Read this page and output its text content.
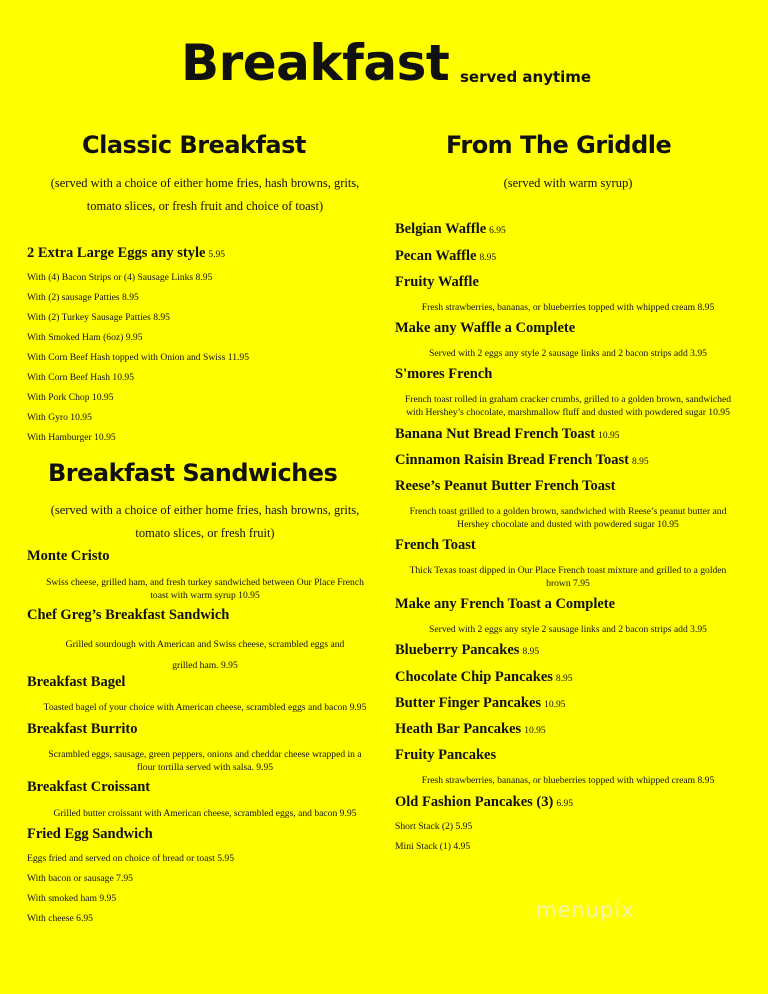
Breakfast served anytime
Classic Breakfast
(served with a choice of either home fries, hash browns, grits,
tomato slices, or fresh fruit and choice of toast)
2 Extra Large Eggs any style 5.95
With (4) Bacon Strips or (4) Sausage Links 8.95
With (2) sausage Patties 8.95
With (2) Turkey Sausage Patties 8.95
With Smoked Ham (6oz) 9.95
With Corn Beef Hash topped with Onion and Swiss 11.95
With Corn Beef Hash 10.95
With Pork Chop 10.95
With Gyro 10.95
With Hamburger 10.95
Breakfast Sandwiches
(served with a choice of either home fries, hash browns, grits,
tomato slices, or fresh fruit)
Monte Cristo
Swiss cheese, grilled ham, and fresh turkey sandwiched between Our Place French
toast with warm syrup 10.95
Chef Greg’s Breakfast Sandwich
Grilled sourdough with American and Swiss cheese, scrambled eggs and
grilled ham. 9.95
Breakfast Bagel
Toasted bagel of your choice with American cheese, scrambled eggs and bacon 9.95
Breakfast Burrito
Scrambled eggs, sausage, green peppers, onions and cheddar cheese wrapped in a
flour tortilla served with salsa. 9.95
Breakfast Croissant
Grilled butter croissant with American cheese, scrambled eggs, and bacon 9.95
Fried Egg Sandwich
Eggs fried and served on choice of bread or toast 5.95
With bacon or sausage 7.95
With smoked ham 9.95
With cheese 6.95
From The Griddle
(served with warm syrup)
Belgian Waffle 6.95
Pecan Waffle 8.95
Fruity Waffle
Fresh strawberries, bananas, or blueberries topped with whipped cream 8.95
Make any Waffle a Complete
Served with 2 eggs any style 2 sausage links and 2 bacon strips add 3.95
S'mores French
French toast rolled in graham cracker crumbs, grilled to a golden brown, sandwiched
with Hershey’s chocolate, marshmallow fluff and dusted with powdered sugar 10.95
Banana Nut Bread French Toast 10.95
Cinnamon Raisin Bread French Toast 8.95
Reese’s Peanut Butter French Toast
French toast grilled to a golden brown, sandwiched with Reese’s peanut butter and
Hershey chocolate and dusted with powdered sugar 10.95
French Toast
Thick Texas toast dipped in Our Place French toast mixture and grilled to a golden
brown 7.95
Make any French Toast a Complete
Served with 2 eggs any style 2 sausage links and 2 bacon strips add 3.95
Blueberry Pancakes 8.95
Chocolate Chip Pancakes 8.95
Butter Finger Pancakes 10.95
Heath Bar Pancakes 10.95
Fruity Pancakes
Fresh strawberries, bananas, or blueberries topped with whipped cream 8.95
Old Fashion Pancakes (3) 6.95
Short Stack (2) 5.95
Mini Stack (1) 4.95
menupix
